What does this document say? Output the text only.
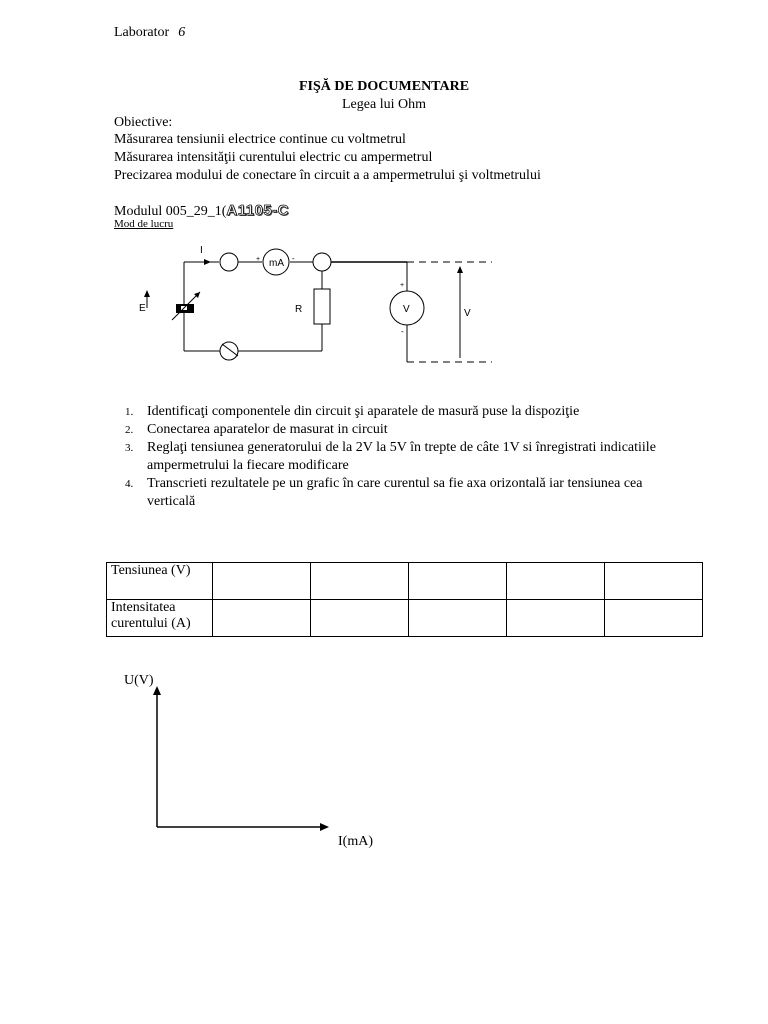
Laborator 6
FIŞĂ DE DOCUMENTARE
Legea lui Ohm
Obiective:
Măsurarea tensiunii electrice continue cu voltmetrul
Măsurarea intensităţii curentului electric cu ampermetrul
Precizarea modului de conectare în circuit a a ampermetrului şi voltmetrului
Modulul 005_29_1(A1105-C
Mod de lucru
+	-
+
-
I
mA
E	R	V	V
1. Identificaţi componentele din circuit şi aparatele de masură puse la dispoziţie
2. Conectarea aparatelor de masurat in circuit
3. Reglaţi tensiunea generatorului de la 2V la 5V în trepte de câte 1V si înregistrati indicatiile ampermetrului la fiecare modificare
4. Transcrieti rezultatele pe un grafic în care curentul sa fie axa orizontală iar tensiunea cea verticală
Tensiunea (V)					
Intensitatea curentului (A)					
U(V)
I(mA)
